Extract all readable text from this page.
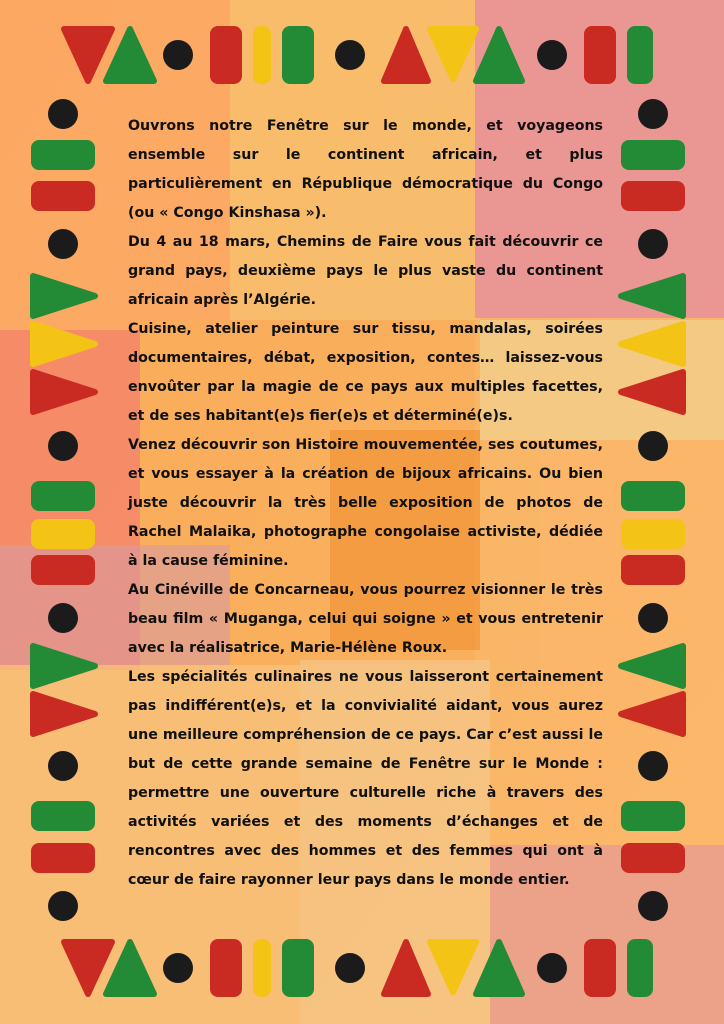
Ouvrons notre Fenêtre sur le monde, et voyageons ensemble sur le continent africain, et plus particulièrement en République démocratique du Congo (ou « Congo Kinshasa »).

Du 4 au 18 mars, Chemins de Faire vous fait découvrir ce grand pays, deuxième pays le plus vaste du continent africain après l’Algérie.

Cuisine, atelier peinture sur tissu, mandalas, soirées documentaires, débat, exposition, contes… laissez-vous envoûter par la magie de ce pays aux multiples facettes, et de ses habitant(e)s fier(e)s et déterminé(e)s.

Venez découvrir son Histoire mouvementée, ses coutumes, et vous essayer à la création de bijoux africains. Ou bien juste découvrir la très belle exposition de photos de Rachel Malaika, photographe congolaise activiste, dédiée à la cause féminine.

Au Cinéville de Concarneau, vous pourrez visionner le très beau film « Muganga, celui qui soigne » et vous entretenir avec la réalisatrice, Marie-Hélène Roux.

Les spécialités culinaires ne vous laisseront certainement pas indifférent(e)s, et la convivialité aidant, vous aurez une meilleure compréhension de ce pays. Car c’est aussi le but de cette grande semaine de Fenêtre sur le Monde : permettre une ouverture culturelle riche à travers des activités variées et des moments d’échanges et de rencontres avec des hommes et des femmes qui ont à cœur de faire rayonner leur pays dans le monde entier.
